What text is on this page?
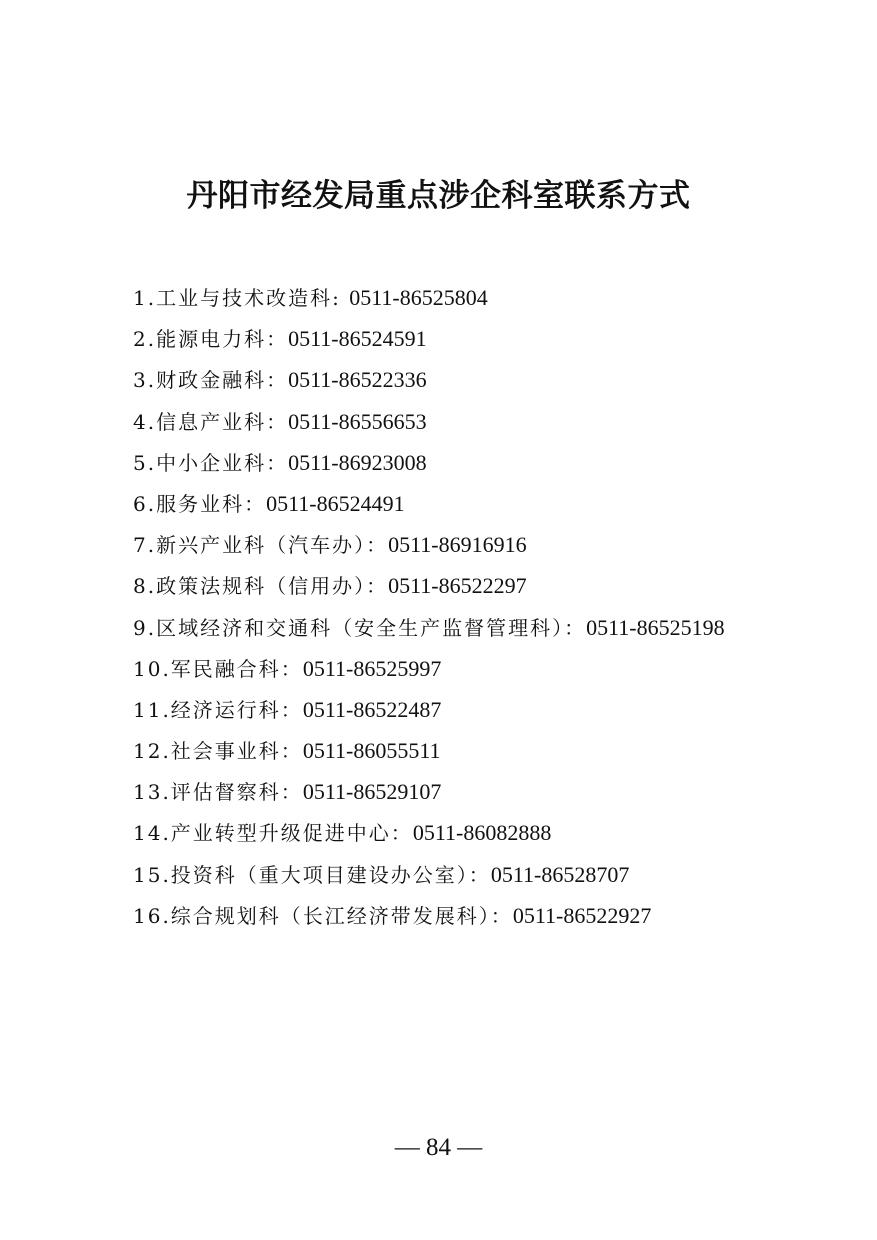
丹阳市经发局重点涉企科室联系方式
1.工业与技术改造科: 0511-86525804
2.能源电力科：0511-86524591
3.财政金融科：0511-86522336
4.信息产业科：0511-86556653
5.中小企业科：0511-86923008
6.服务业科：0511-86524491
7.新兴产业科（汽车办）：0511-86916916
8.政策法规科（信用办）：0511-86522297
9.区域经济和交通科（安全生产监督管理科）：0511-86525198
10.军民融合科：0511-86525997
11.经济运行科：0511-86522487
12.社会事业科：0511-86055511
13.评估督察科：0511-86529107
14.产业转型升级促进中心：0511-86082888
15.投资科（重大项目建设办公室）：0511-86528707
16.综合规划科（长江经济带发展科）：0511-86522927
— 84 —
